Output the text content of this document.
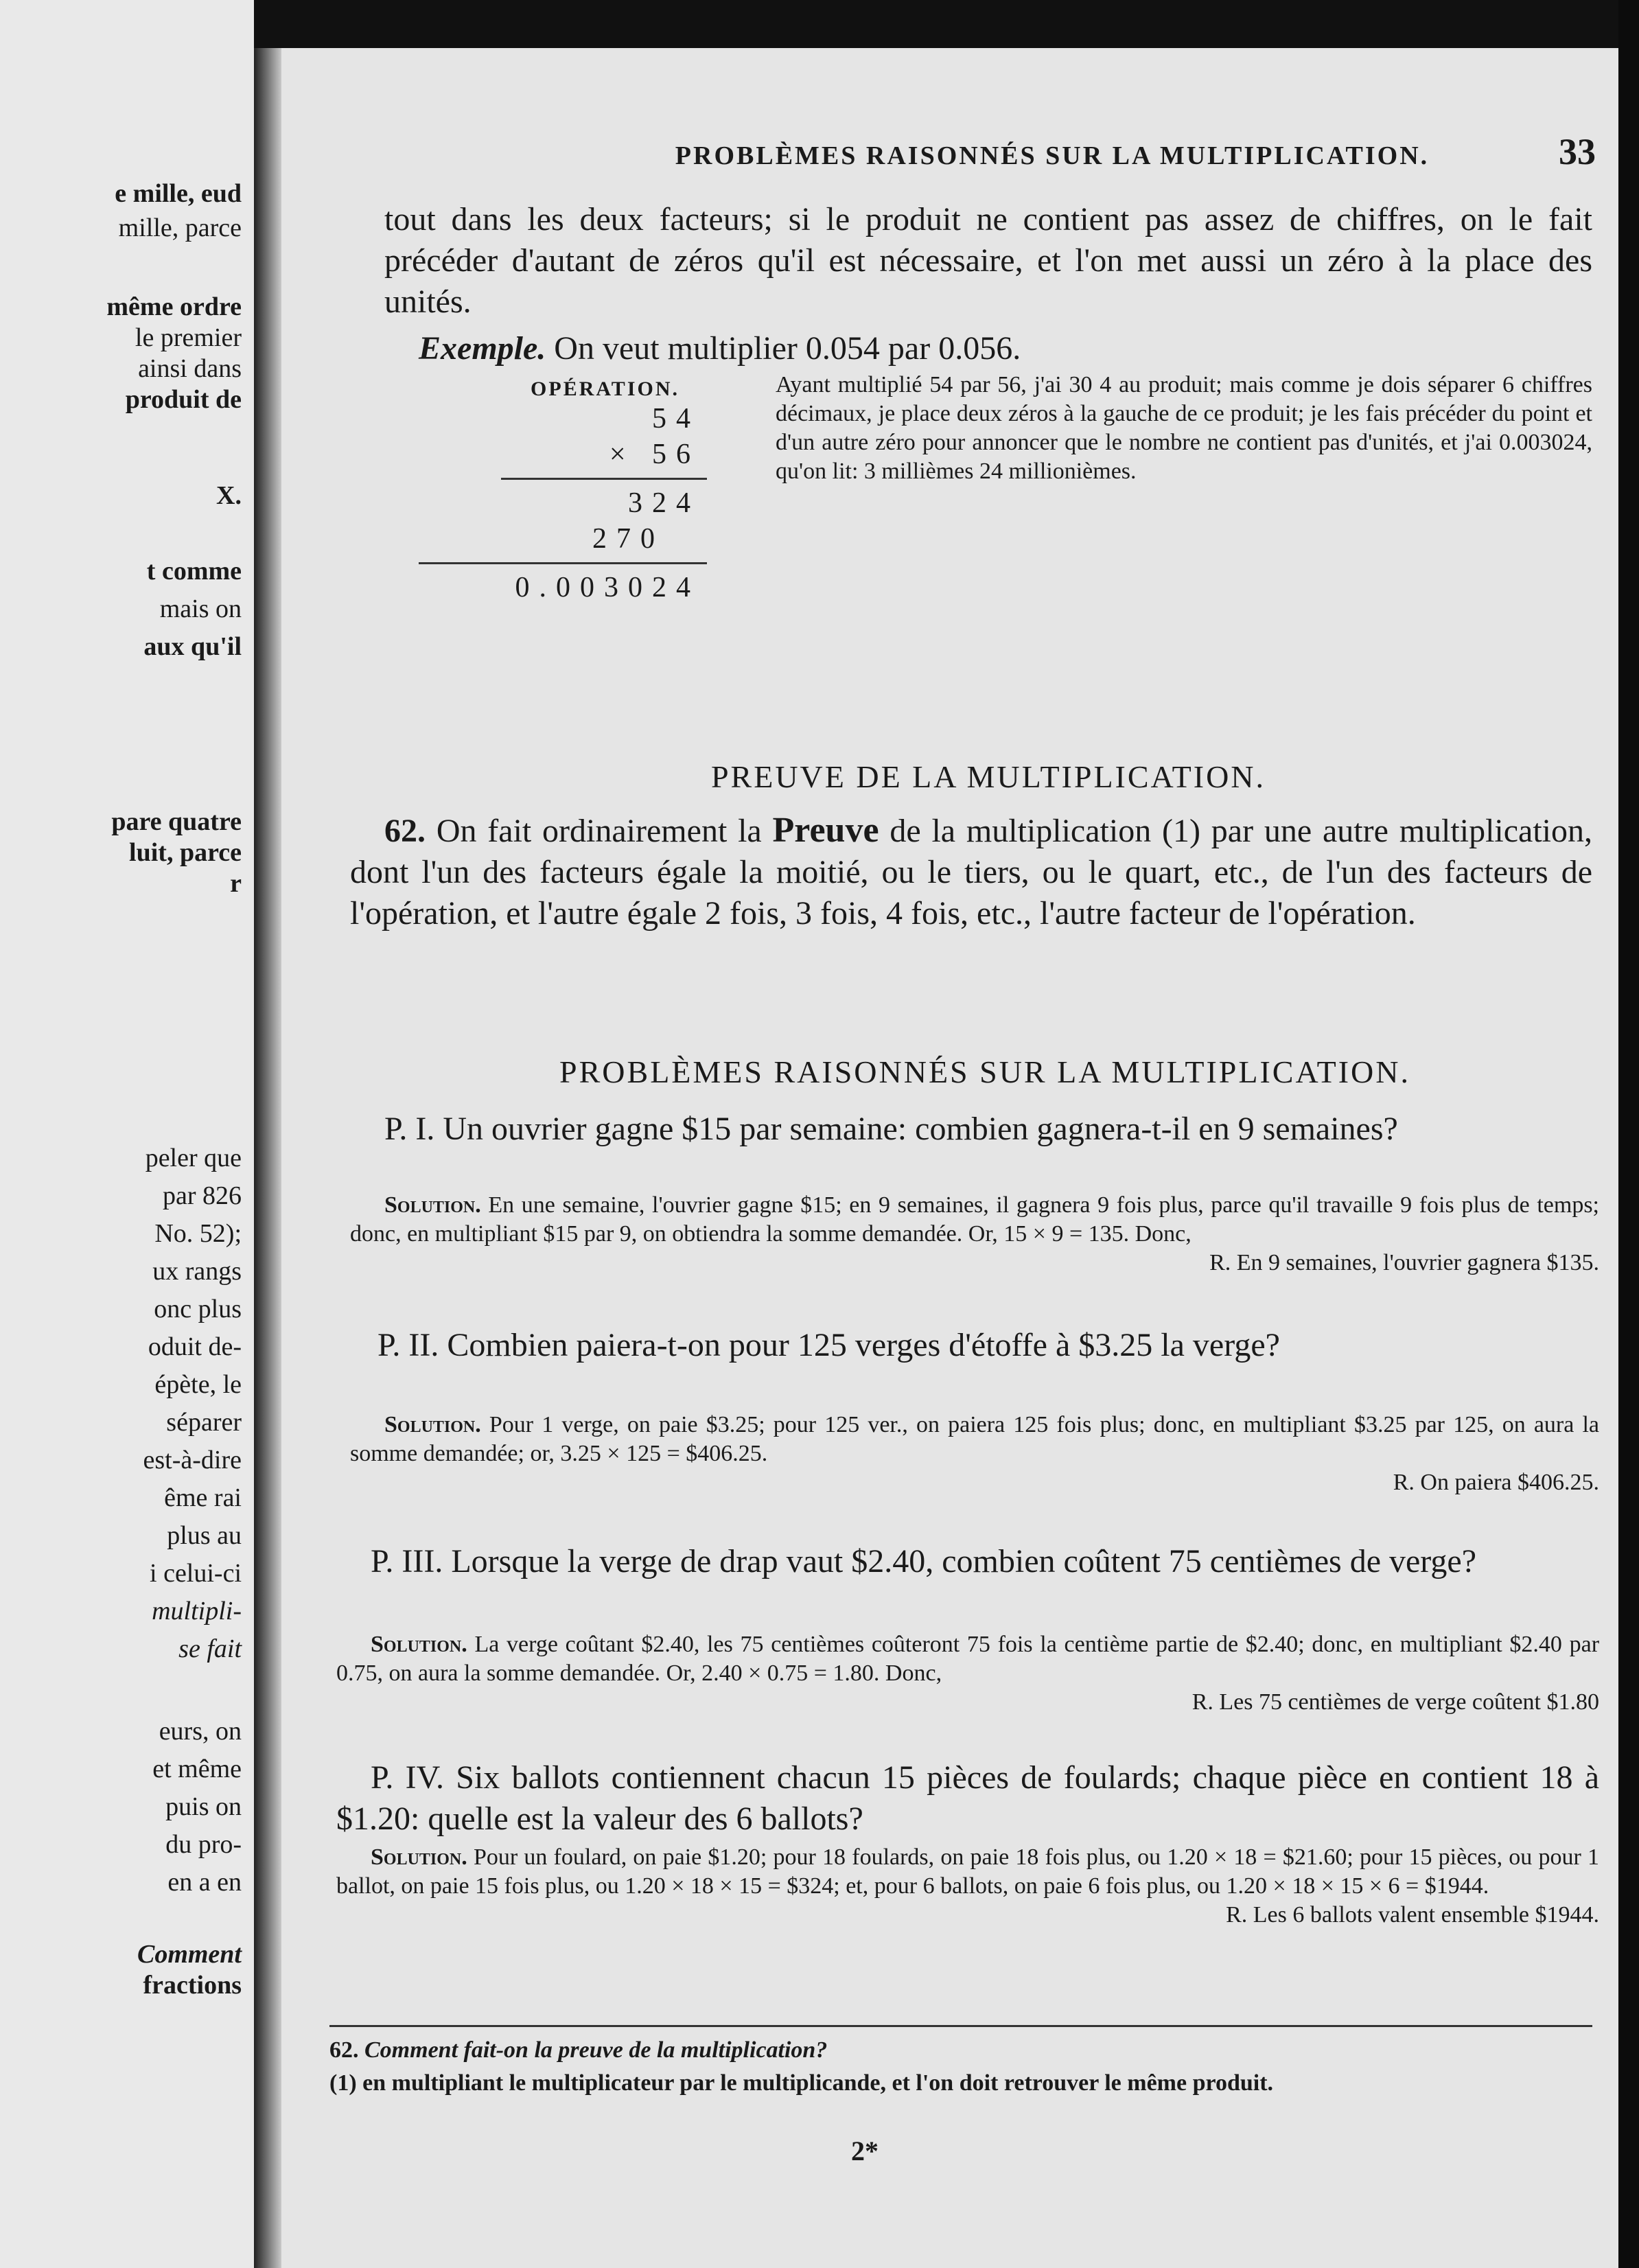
e mille, eud
mille, parce
même ordre
le premier
ainsi dans
produit de
X.
t comme
mais on
aux qu'il
pare quatre
luit, parce
r
peler que
par 826
No. 52);
ux rangs
onc plus
oduit de-
épète, le
séparer
est-à-dire
ême rai
plus au
i celui-ci
multipli-
se fait
eurs, on
et même
puis on
du pro-
en a en
Comment
fractions
PROBLÈMES RAISONNÉS SUR LA MULTIPLICATION.	33

tout dans les deux facteurs; si le produit ne contient pas assez de chiffres, on le fait précéder d'autant de zéros qu'il est nécessaire, et l'on met aussi un zéro à la place des unités.

Exemple. On veut multiplier 0.054 par 0.056.
OPÉRATION.
54
× 56
324
270
0.003024

Ayant multiplié 54 par 56, j'ai 30 4 au produit; mais comme je dois séparer 6 chiffres décimaux, je place deux zéros à la gauche de ce produit; je les fais précéder du point et d'un autre zéro pour annoncer que le nombre ne contient pas d'unités, et j'ai 0.003024, qu'on lit: 3 millièmes 24 millionièmes.

PREUVE DE LA MULTIPLICATION.

62. On fait ordinairement la Preuve de la multiplication (1) par une autre multiplication, dont l'un des facteurs égale la moitié, ou le tiers, ou le quart, etc., de l'un des facteurs de l'opération, et l'autre égale 2 fois, 3 fois, 4 fois, etc., l'autre facteur de l'opération.

PROBLÈMES RAISONNÉS SUR LA MULTIPLICATION.

P. I. Un ouvrier gagne $15 par semaine: combien gagnera-t-il en 9 semaines?

Solution. En une semaine, l'ouvrier gagne $15; en 9 semaines, il gagnera 9 fois plus, parce qu'il travaille 9 fois plus de temps; donc, en multipliant $15 par 9, on obtiendra la somme demandée. Or, 15 × 9 = 135. Donc,

R. En 9 semaines, l'ouvrier gagnera $135.

P. II. Combien paiera-t-on pour 125 verges d'étoffe à $3.25 la verge?

Solution. Pour 1 verge, on paie $3.25; pour 125 ver., on paiera 125 fois plus; donc, en multipliant $3.25 par 125, on aura la somme demandée; or, 3.25 × 125 = $406.25.

R. On paiera $406.25.

P. III. Lorsque la verge de drap vaut $2.40, combien coûtent 75 centièmes de verge?

Solution. La verge coûtant $2.40, les 75 centièmes coûteront 75 fois la centième partie de $2.40; donc, en multipliant $2.40 par 0.75, on aura la somme demandée. Or, 2.40 × 0.75 = 1.80. Donc,

R. Les 75 centièmes de verge coûtent $1.80

P. IV. Six ballots contiennent chacun 15 pièces de foulards; chaque pièce en contient 18 à $1.20: quelle est la valeur des 6 ballots?

Solution. Pour un foulard, on paie $1.20; pour 18 foulards, on paie 18 fois plus, ou 1.20 × 18 = $21.60; pour 15 pièces, ou pour 1 ballot, on paie 15 fois plus, ou 1.20 × 18 × 15 = $324; et, pour 6 ballots, on paie 6 fois plus, ou 1.20 × 18 × 15 × 6 = $1944.

R. Les 6 ballots valent ensemble $1944.

62. Comment fait-on la preuve de la multiplication?
(1) en multipliant le multiplicateur par le multiplicande, et l'on doit retrouver le même produit.
2*
